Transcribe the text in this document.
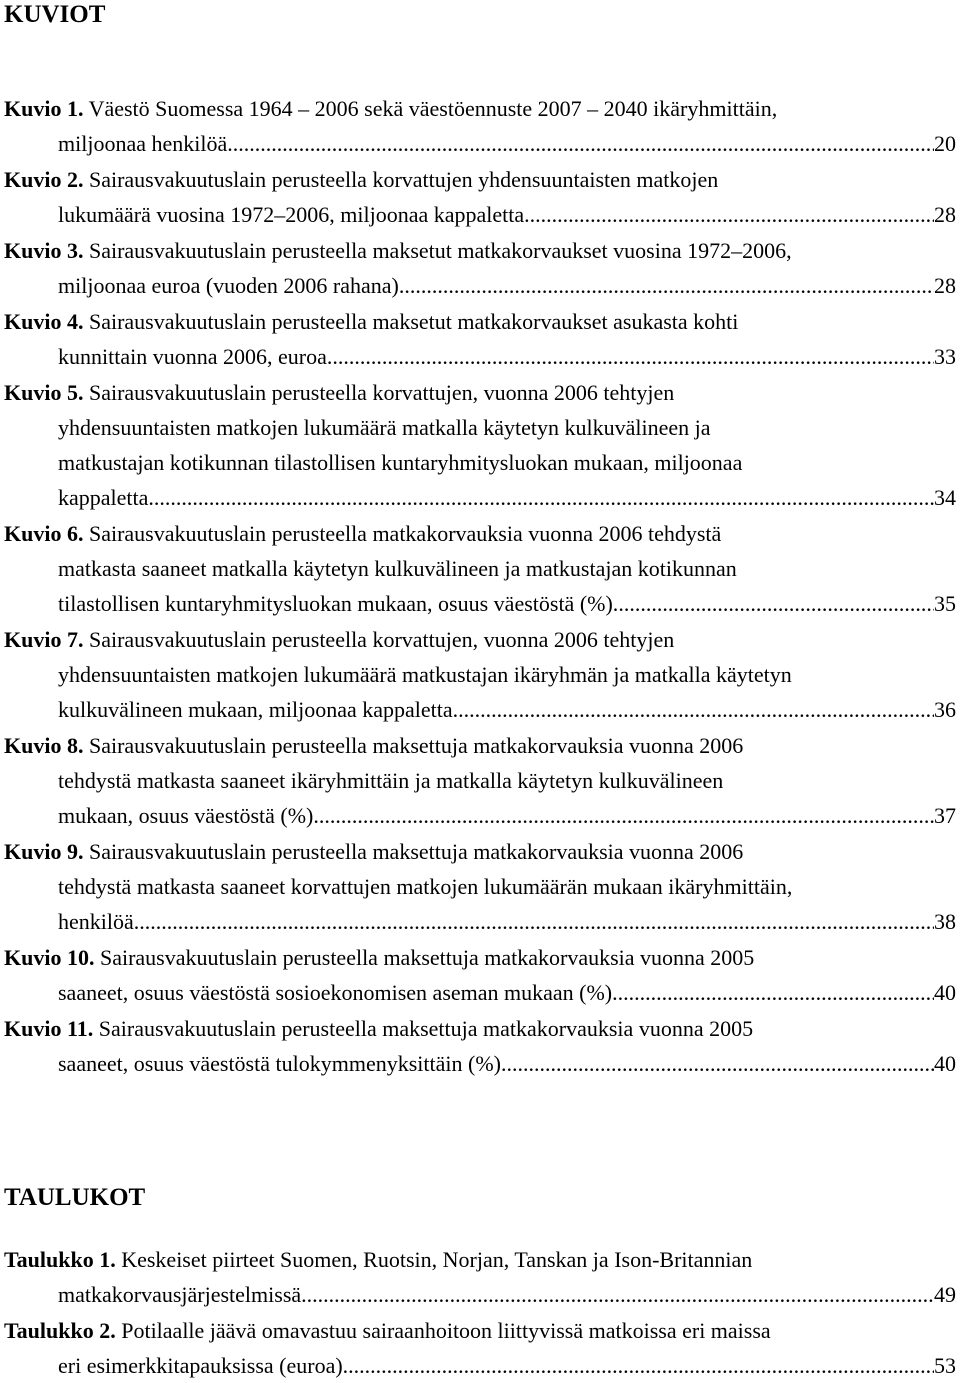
KUVIOT
Kuvio 1. Väestö Suomessa 1964 – 2006 sekä väestöennuste 2007 – 2040 ikäryhmittäin,
miljoonaa henkilöä. .....	20
Kuvio 2. Sairausvakuutuslain perusteella korvattujen yhdensuuntaisten matkojen
lukumäärä vuosina 1972–2006, miljoonaa kappaletta. .....	28
Kuvio 3. Sairausvakuutuslain perusteella maksetut matkakorvaukset vuosina 1972–2006,
miljoonaa euroa (vuoden 2006 rahana). .....	28
Kuvio 4. Sairausvakuutuslain perusteella maksetut matkakorvaukset asukasta kohti
kunnittain vuonna 2006, euroa .....	33
Kuvio 5. Sairausvakuutuslain perusteella korvattujen, vuonna 2006 tehtyjen
yhdensuuntaisten matkojen lukumäärä matkalla käytetyn kulkuvälineen ja
matkustajan kotikunnan tilastollisen kuntaryhmitysluokan mukaan, miljoonaa
kappaletta. .....	34
Kuvio 6. Sairausvakuutuslain perusteella matkakorvauksia vuonna 2006 tehdystä
matkasta saaneet matkalla käytetyn kulkuvälineen ja matkustajan kotikunnan
tilastollisen kuntaryhmitysluokan mukaan, osuus väestöstä (%). .....	35
Kuvio 7. Sairausvakuutuslain perusteella korvattujen, vuonna 2006 tehtyjen
yhdensuuntaisten matkojen lukumäärä matkustajan ikäryhmän ja matkalla käytetyn
kulkuvälineen mukaan, miljoonaa kappaletta .....	36
Kuvio 8. Sairausvakuutuslain perusteella maksettuja matkakorvauksia vuonna 2006
tehdystä matkasta saaneet ikäryhmittäin ja matkalla käytetyn kulkuvälineen
mukaan, osuus väestöstä (%). .....	37
Kuvio 9. Sairausvakuutuslain perusteella maksettuja matkakorvauksia vuonna 2006
tehdystä matkasta saaneet korvattujen matkojen lukumäärän mukaan ikäryhmittäin,
henkilöä. .....	38
Kuvio 10. Sairausvakuutuslain perusteella maksettuja matkakorvauksia vuonna 2005
saaneet, osuus väestöstä sosioekonomisen aseman mukaan (%) .....	40
Kuvio 11. Sairausvakuutuslain perusteella maksettuja matkakorvauksia vuonna 2005
saaneet, osuus väestöstä tulokymmenyksittäin (%). .....	40
TAULUKOT
Taulukko 1. Keskeiset piirteet Suomen, Ruotsin, Norjan, Tanskan ja Ison-Britannian
matkakorvausjärjestelmissä. .....	49
Taulukko 2. Potilaalle jäävä omavastuu sairaanhoitoon liittyvissä matkoissa eri maissa
eri esimerkkitapauksissa (euroa) .....	53
